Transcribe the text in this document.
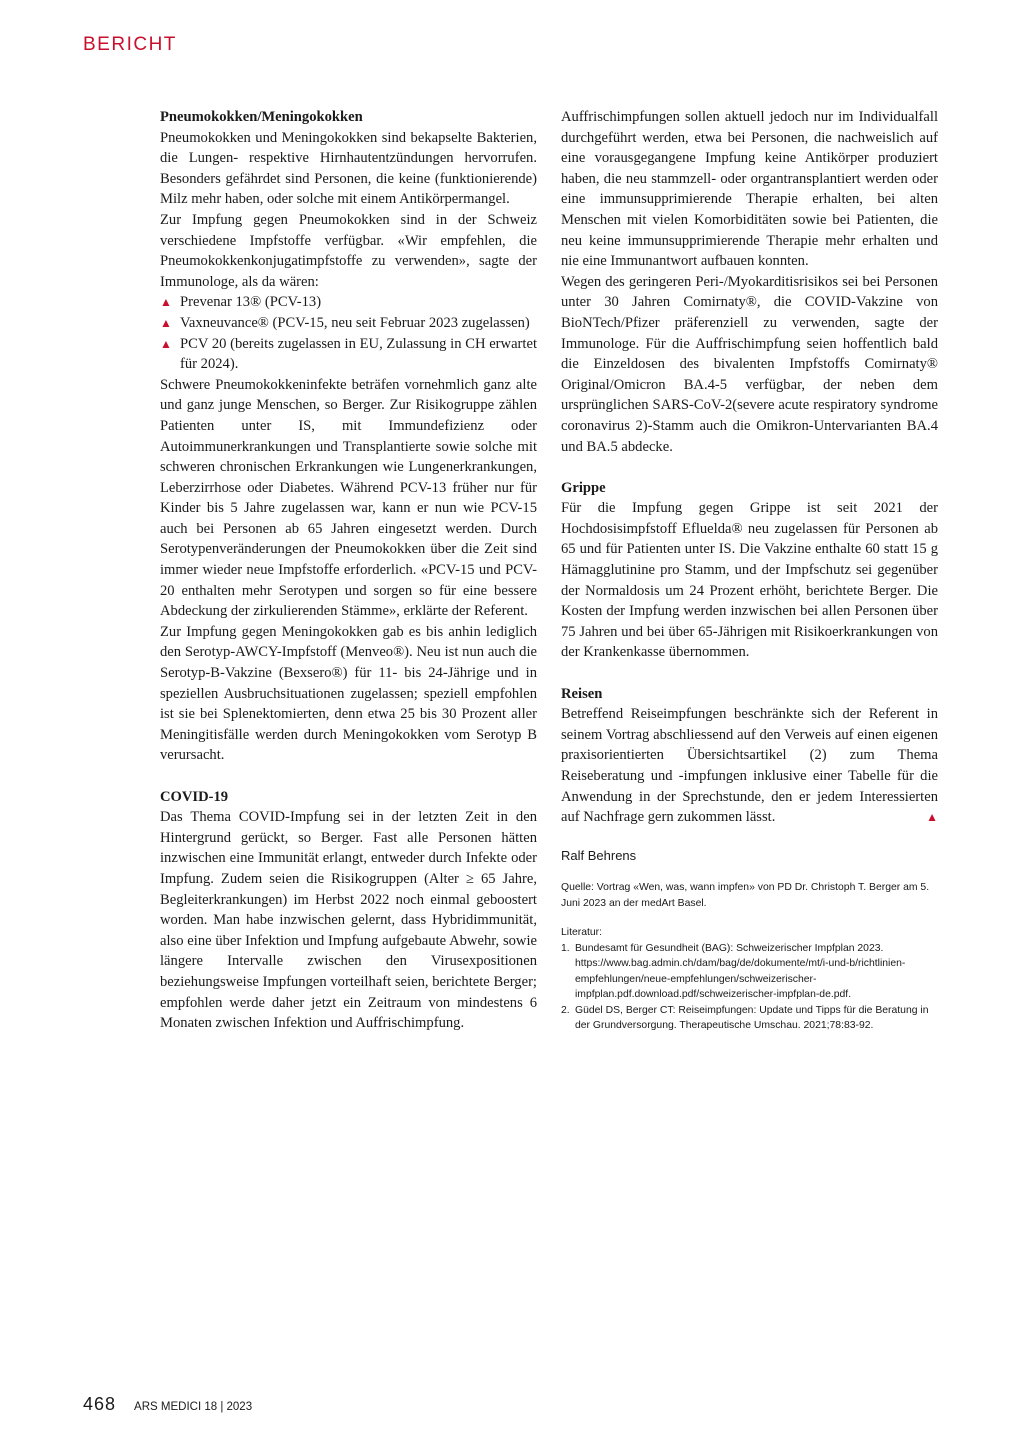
BERICHT
Pneumokokken/Meningokokken

Pneumokokken und Meningokokken sind bekapselte Bakterien, die Lungen- respektive Hirnhautentzündungen hervorrufen. Besonders gefährdet sind Personen, die keine (funktionierende) Milz mehr haben, oder solche mit einem Antikörpermangel.

Zur Impfung gegen Pneumokokken sind in der Schweiz verschiedene Impfstoffe verfügbar. «Wir empfehlen, die Pneumokokkenkonjugatimpfstoffe zu verwenden», sagte der Immunologe, als da wären:

▲ Prevenar 13® (PCV-13)
▲ Vaxneuvance® (PCV-15, neu seit Februar 2023 zugelassen)
▲ PCV 20 (bereits zugelassen in EU, Zulassung in CH erwartet für 2024).

Schwere Pneumokokkeninfekte beträfen vornehmlich ganz alte und ganz junge Menschen, so Berger. Zur Risikogruppe zählen Patienten unter IS, mit Immundefizienz oder Autoimmunerkrankungen und Transplantierte sowie solche mit schweren chronischen Erkrankungen wie Lungenerkrankungen, Leberzirrhose oder Diabetes. Während PCV-13 früher nur für Kinder bis 5 Jahre zugelassen war, kann er nun wie PCV-15 auch bei Personen ab 65 Jahren eingesetzt werden. Durch Serotypenveränderungen der Pneumokokken über die Zeit sind immer wieder neue Impfstoffe erforderlich. «PCV-15 und PCV-20 enthalten mehr Serotypen und sorgen so für eine bessere Abdeckung der zirkulierenden Stämme», erklärte der Referent.

Zur Impfung gegen Meningokokken gab es bis anhin lediglich den Serotyp-AWCY-Impfstoff (Menveo®). Neu ist nun auch die Serotyp-B-Vakzine (Bexsero®) für 11- bis 24-Jährige und in speziellen Ausbruchsituationen zugelassen; speziell empfohlen ist sie bei Splenektomierten, denn etwa 25 bis 30 Prozent aller Meningitisfälle werden durch Meningokokken vom Serotyp B verursacht.

COVID-19

Das Thema COVID-Impfung sei in der letzten Zeit in den Hintergrund gerückt, so Berger. Fast alle Personen hätten inzwischen eine Immunität erlangt, entweder durch Infekte oder Impfung. Zudem seien die Risikogruppen (Alter ≥ 65 Jahre, Begleiterkrankungen) im Herbst 2022 noch einmal geboostert worden. Man habe inzwischen gelernt, dass Hybridimmunität, also eine über Infektion und Impfung aufgebaute Abwehr, sowie längere Intervalle zwischen den Virusexpositionen beziehungsweise Impfungen vorteilhaft seien, berichtete Berger; empfohlen werde daher jetzt ein Zeitraum von mindestens 6 Monaten zwischen Infektion und Auffrischimpfung.

Auffrischimpfungen sollen aktuell jedoch nur im Individualfall durchgeführt werden, etwa bei Personen, die nachweislich auf eine vorausgegangene Impfung keine Antikörper produziert haben, die neu stammzell- oder organtransplantiert werden oder eine immunsupprimierende Therapie erhalten, bei alten Menschen mit vielen Komorbiditäten sowie bei Patienten, die neu keine immunsupprimierende Therapie mehr erhalten und nie eine Immunantwort aufbauen konnten.

Wegen des geringeren Peri-/Myokarditisrisikos sei bei Personen unter 30 Jahren Comirnaty®, die COVID-Vakzine von BioNTech/Pfizer präferenziell zu verwenden, sagte der Immunologe. Für die Auffrischimpfung seien hoffentlich bald die Einzeldosen des bivalenten Impfstoffs Comirnaty® Original/Omicron BA.4-5 verfügbar, der neben dem ursprünglichen SARS-CoV-2(severe acute respiratory syndrome coronavirus 2)-Stamm auch die Omikron-Untervarianten BA.4 und BA.5 abdecke.

Grippe

Für die Impfung gegen Grippe ist seit 2021 der Hochdosisimpfstoff Efluelda® neu zugelassen für Personen ab 65 und für Patienten unter IS. Die Vakzine enthalte 60 statt 15 g Hämagglutinine pro Stamm, und der Impfschutz sei gegenüber der Normaldosis um 24 Prozent erhöht, berichtete Berger. Die Kosten der Impfung werden inzwischen bei allen Personen über 75 Jahren und bei über 65-Jährigen mit Risikoerkrankungen von der Krankenkasse übernommen.

Reisen

Betreffend Reiseimpfungen beschränkte sich der Referent in seinem Vortrag abschliessend auf den Verweis auf einen eigenen praxisorientierten Übersichtsartikel (2) zum Thema Reiseberatung und -impfungen inklusive einer Tabelle für die Anwendung in der Sprechstunde, den er jedem Interessierten auf Nachfrage gern zukommen lässt.	▲

Ralf Behrens
Quelle: Vortrag «Wen, was, wann impfen» von PD Dr. Christoph T. Berger am 5. Juni 2023 an der medArt Basel.
Literatur:
1. Bundesamt für Gesundheit (BAG): Schweizerischer Impfplan 2023. https://www.bag.admin.ch/dam/bag/de/dokumente/mt/i-und-b/richtlinien-empfehlungen/neue-empfehlungen/schweizerischer-impfplan.pdf.download.pdf/schweizerischer-impfplan-de.pdf.
2. Güdel DS, Berger CT: Reiseimpfungen: Update und Tipps für die Beratung in der Grundversorgung. Therapeutische Umschau. 2021;78:83-92.
468 ARS MEDICI 18 | 2023
